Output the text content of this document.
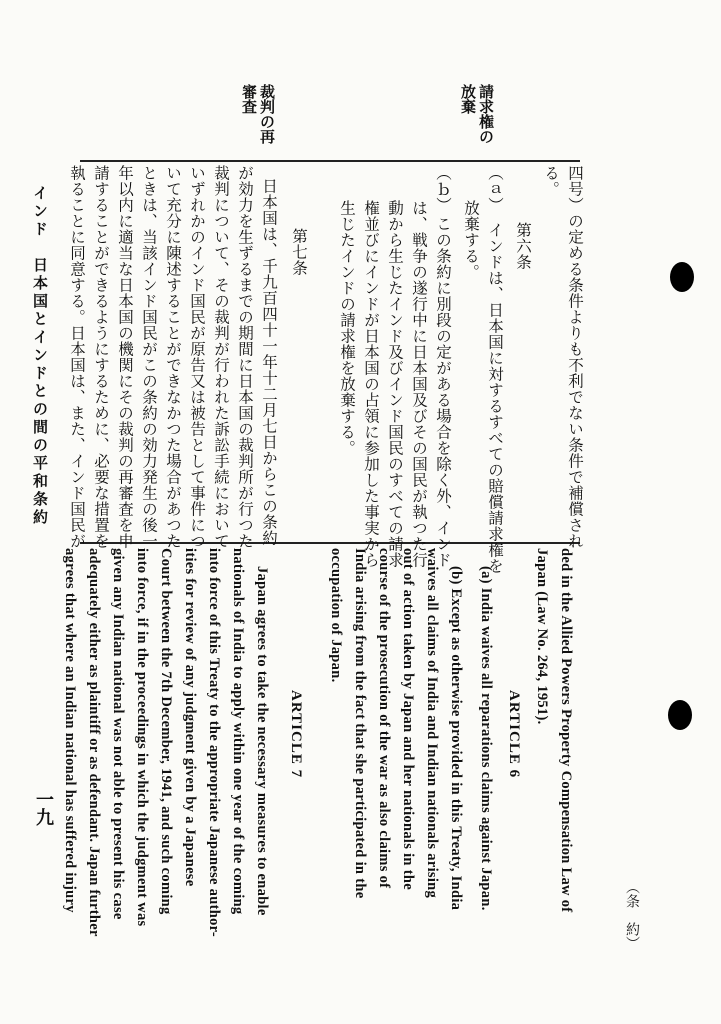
請求権の放棄
裁判の再審査
四号）の定める条件よりも不利でない条件で補償され
る。
第六条
（ａ）
インドは、日本国に対するすべての賠償請求権を
放棄する。
（ｂ）
この条約に別段の定がある場合を除く外、インド
は、戦争の遂行中に日本国及びその国民が執つた行
動から生じたインド及びインド国民のすべての請求
権並びにインドが日本国の占領に参加した事実から
生じたインドの請求権を放棄する。
第七条
日本国は、千九百四十一年十二月七日からこの条約
が効力を生ずるまでの期間に日本国の裁判所が行つた
裁判について、その裁判が行われた訴訟手続において
いずれかのインド国民が原告又は被告として事件につ
いて充分に陳述することができなかつた場合があつた
ときは、当該インド国民がこの条約の効力発生の後一
年以内に適当な日本国の機関にその裁判の再審査を申
請することができるようにするために、必要な措置を
執ることに同意する。日本国は、また、インド国民が
ded in the Allied Powers Property Compensation Law of
Japan (Law No. 264, 1951).
ARTICLE 6
(a) India waives all reparations claims against Japan.
(b) Except as otherwise provided in this Treaty, India
waives all claims of India and Indian nationals arising
out of action taken by Japan and her nationals in the
course of the prosecution of the war as also claims of
India arising from the fact that she participated in the
occupation of Japan.
ARTICLE 7
Japan agrees to take the necessary measures to enable
nationals of India to apply within one year of the coming
into force of this Treaty to the appropriate Japanese author-
ities for review of any judgment given by a Japanese
Court between the 7th December, 1941, and such coming
into force, if in the proceedings in which the judgment was
given any Indian national was not able to present his case
adequately either as plaintiff or as defendant. Japan further
agrees that where an Indian national has suffered injury
インド　日本国とインドとの間の平和条約
一九
（条　約）
